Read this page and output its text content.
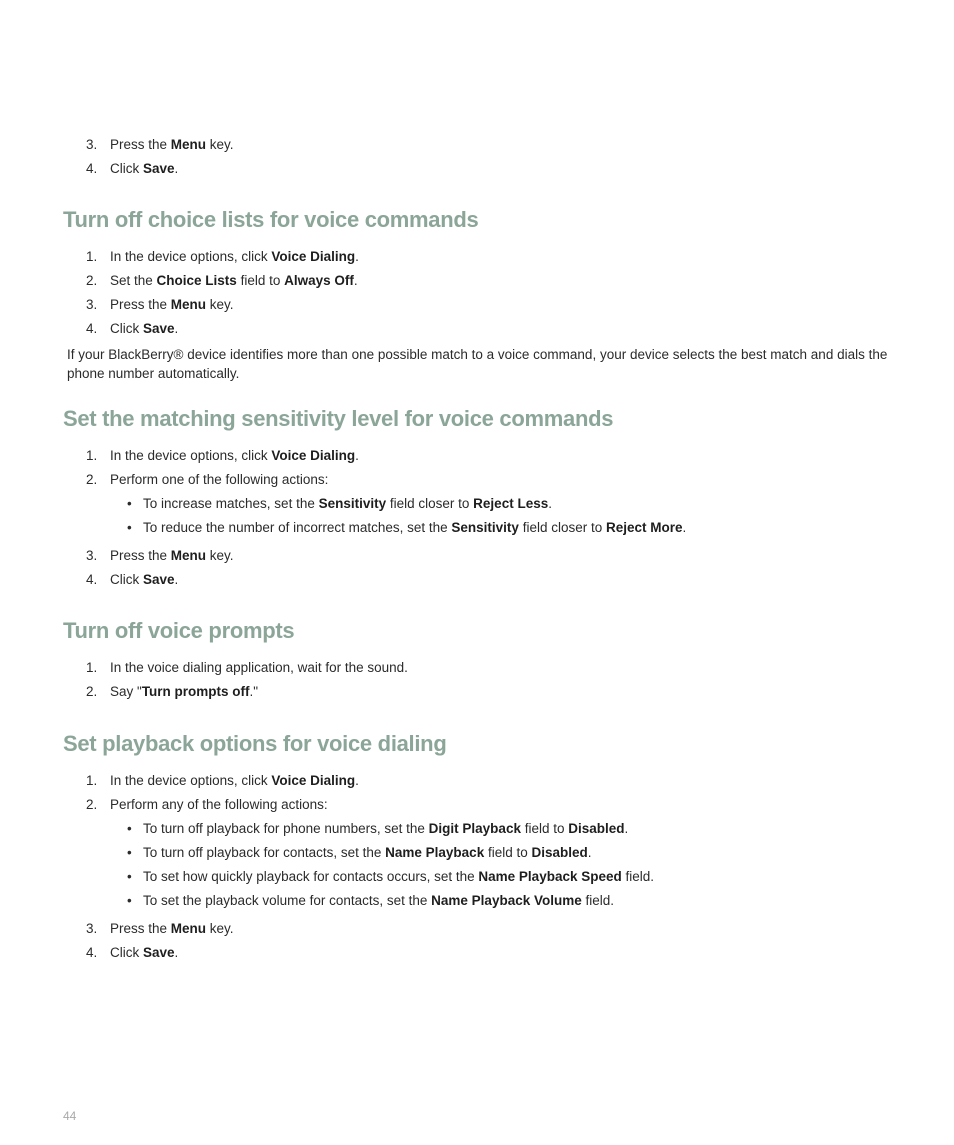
3. Press the Menu key.
4. Click Save.
Turn off choice lists for voice commands
1. In the device options, click Voice Dialing.
2. Set the Choice Lists field to Always Off.
3. Press the Menu key.
4. Click Save.

If your BlackBerry® device identifies more than one possible match to a voice command, your device selects the best match and dials the phone number automatically.

Set the matching sensitivity level for voice commands
1. In the device options, click Voice Dialing.
2. Perform one of the following actions:
• To increase matches, set the Sensitivity field closer to Reject Less.
• To reduce the number of incorrect matches, set the Sensitivity field closer to Reject More.
3. Press the Menu key.
4. Click Save.
Turn off voice prompts
1. In the voice dialing application, wait for the sound.
2. Say "Turn prompts off."
Set playback options for voice dialing
1. In the device options, click Voice Dialing.
2. Perform any of the following actions:
• To turn off playback for phone numbers, set the Digit Playback field to Disabled.
• To turn off playback for contacts, set the Name Playback field to Disabled.
• To set how quickly playback for contacts occurs, set the Name Playback Speed field.
• To set the playback volume for contacts, set the Name Playback Volume field.
3. Press the Menu key.
4. Click Save.
44
